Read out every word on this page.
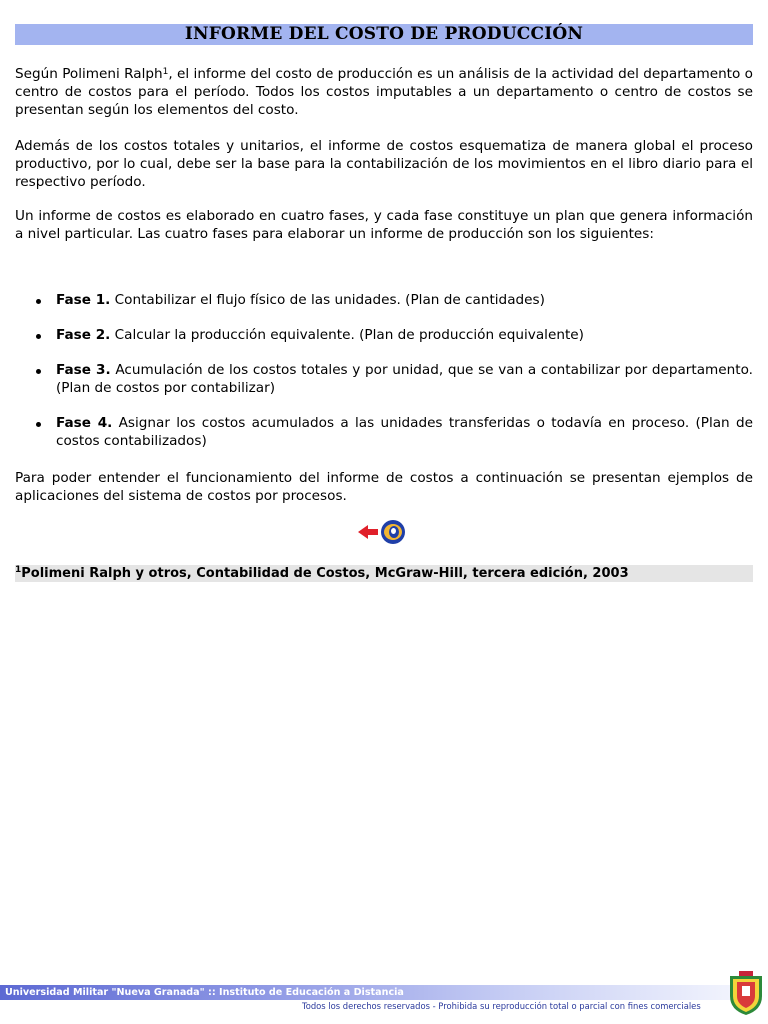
INFORME DEL COSTO DE PRODUCCIÓN
Según Polimeni Ralph$^1$, el informe del costo de producción es un análisis de la actividad del departamento o centro de costos para el período. Todos los costos imputables a un departamento o centro de costos se presentan según los elementos del costo.
Además de los costos totales y unitarios, el informe de costos esquematiza de manera global el proceso productivo, por lo cual, debe ser la base para la contabilización de los movimientos en el libro diario para el respectivo período.
Un informe de costos es elaborado en cuatro fases, y cada fase constituye un plan que genera información a nivel particular. Las cuatro fases para elaborar un informe de producción son los siguientes:
Fase 1. Contabilizar el flujo físico de las unidades. (Plan de cantidades)
Fase 2. Calcular la producción equivalente. (Plan de producción equivalente)
Fase 3. Acumulación de los costos totales y por unidad, que se van a contabilizar por departamento. (Plan de costos por contabilizar)
Fase 4. Asignar los costos acumulados a las unidades transferidas o todavía en proceso. (Plan de costos contabilizados)
Para poder entender el funcionamiento del informe de costos a continuación se presentan ejemplos de aplicaciones del sistema de costos por procesos.
$^1$Polimeni Ralph y otros, Contabilidad de Costos, McGraw-Hill, tercera edición, 2003
Universidad Militar "Nueva Granada" :: Instituto de Educación a Distancia
Todos los derechos reservados - Prohibida su reproducción total o parcial con fines comerciales
